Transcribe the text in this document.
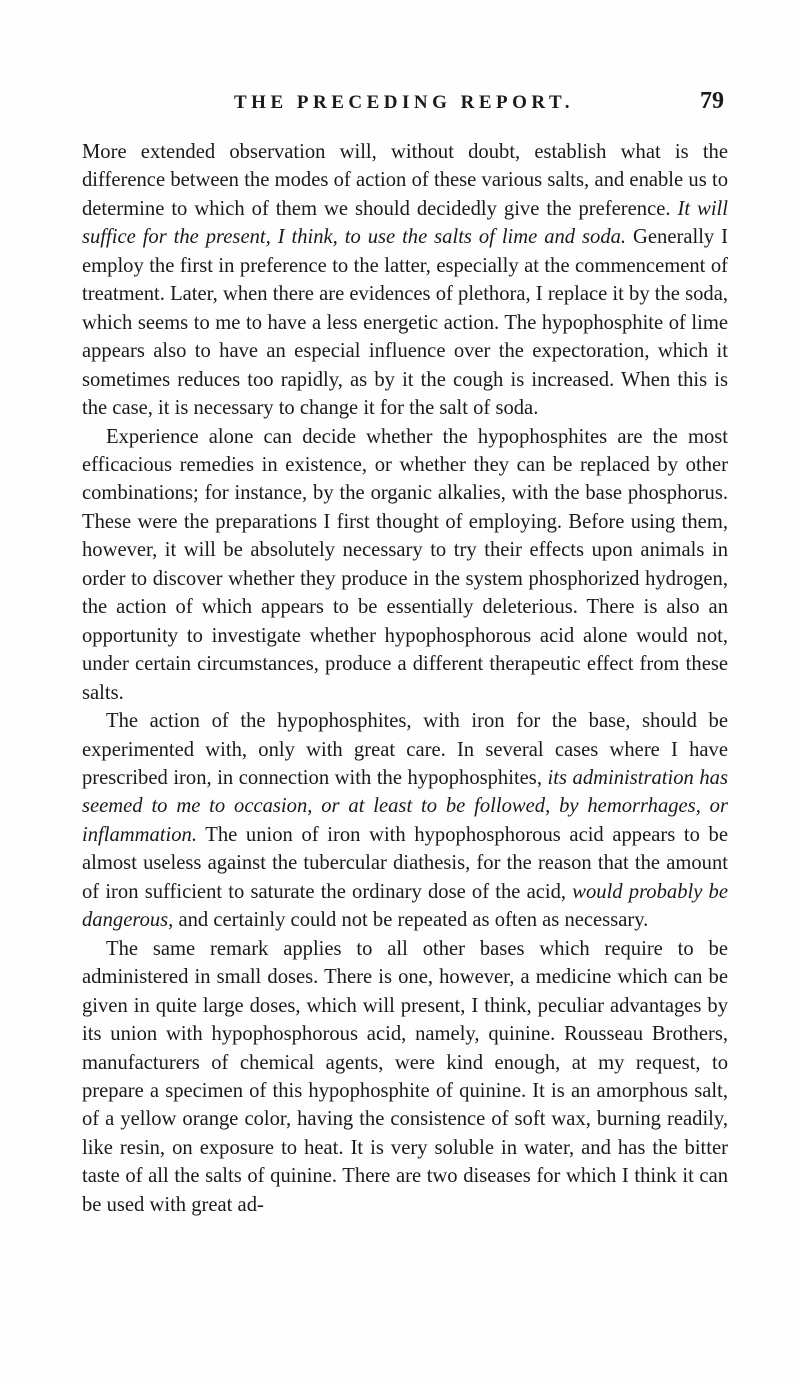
THE PRECEDING REPORT.	79

More extended observation will, without doubt, establish what is the difference between the modes of action of these various salts, and enable us to determine to which of them we should decidedly give the preference. It will suffice for the present, I think, to use the salts of lime and soda. Generally I employ the first in preference to the latter, especially at the commencement of treatment. Later, when there are evidences of plethora, I replace it by the soda, which seems to me to have a less energetic action. The hypophosphite of lime appears also to have an especial influence over the expectoration, which it sometimes reduces too rapidly, as by it the cough is increased. When this is the case, it is necessary to change it for the salt of soda.

Experience alone can decide whether the hypophosphites are the most efficacious remedies in existence, or whether they can be replaced by other combinations; for instance, by the organic alkalies, with the base phosphorus. These were the preparations I first thought of employing. Before using them, however, it will be absolutely necessary to try their effects upon animals in order to discover whether they produce in the system phosphorized hydrogen, the action of which appears to be essentially deleterious. There is also an opportunity to investigate whether hypophosphorous acid alone would not, under certain circumstances, produce a different therapeutic effect from these salts.

The action of the hypophosphites, with iron for the base, should be experimented with, only with great care. In several cases where I have prescribed iron, in connection with the hypophosphites, its administration has seemed to me to occasion, or at least to be followed, by hemorrhages, or inflammation. The union of iron with hypophosphorous acid appears to be almost useless against the tubercular diathesis, for the reason that the amount of iron sufficient to saturate the ordinary dose of the acid, would probably be dangerous, and certainly could not be repeated as often as necessary.

The same remark applies to all other bases which require to be administered in small doses. There is one, however, a medicine which can be given in quite large doses, which will present, I think, peculiar advantages by its union with hypophosphorous acid, namely, quinine. Rousseau Brothers, manufacturers of chemical agents, were kind enough, at my request, to prepare a specimen of this hypophosphite of quinine. It is an amorphous salt, of a yellow orange color, having the consistence of soft wax, burning readily, like resin, on exposure to heat. It is very soluble in water, and has the bitter taste of all the salts of quinine. There are two diseases for which I think it can be used with great ad-
